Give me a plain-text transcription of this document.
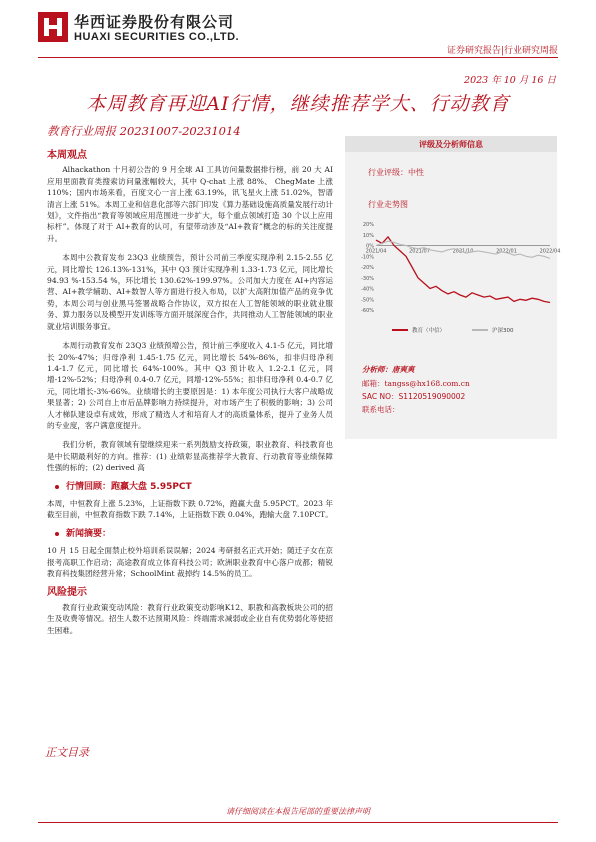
华西证券股份有限公司
HUAXI SECURITIES CO.,LTD.
证券研究报告|行业研究周报
2023 年 10 月 16 日
本周教育再迎AI行情，继续推荐学大、行动教育
教育行业周报 20231007-20231014
本周观点

Alhackathon 十月初公告的 9 月全球 AI 工具访问量数据排行榜，前 20 大 AI 应用里面教育类搜索访问量涨幅较大，其中 Q-chat 上涨 88%、 ChegMate 上涨 110%；国内市场来看，百度文心一言上涨 63.19%，讯飞星火上涨 51.02%，智谱清言上涨 51%。本周工业和信息化部等六部门印发《算力基础设施高质量发展行动计划》，文件指出“教育等领域应用范围进一步扩大，每个重点领域打造 30 个以上应用标杆”。体现了对于 AI+教育的认可，有望带动涉及“AI+教育”概念的标的关注度提升。

本周中公教育发布 23Q3 业绩预告，预计公司前三季度实现净利 2.15-2.55 亿元，同比增长 126.13%-131%，其中 Q3 预计实现净利 1.33-1.73 亿元，同比增长 94.93 %-153.54 %，环比增长 130.62%-199.97%。公司加大力度在 AI+内容运营、AI+教学辅助、AI+数智人等方面进行投入布局，以扩大高附加值产品的竞争优势，本周公司与创业黑马签署战略合作协议，双方拟在人工智能领域的职业就业服务、算力服务以及模型开发训练等方面开展深度合作，共同推动人工智能领域的职业就业培训服务事宜。

本周行动教育发布 23Q3 业绩预增公告，预计前三季度收入 4.1-5 亿元，同比增长 20%-47%；归母净利 1.45-1.75 亿元，同比增长 54%-86%，扣非归母净利 1.4-1.7 亿元，同比增长 64%-100%。其中 Q3 预计收入 1.2-2.1 亿元，同增-12%-52%；归母净利 0.4-0.7 亿元，同增-12%-55%；扣非归母净利 0.4-0.7 亿元，同比增长-3%-66%。业绩增长的主要原因是：1) 本年度公司执行大客户战略成果显著；2) 公司自上市后品牌影响力持续提升，对市场产生了积极的影响；3) 公司人才梯队建设卓有成效，形成了精选人才和培育人才的高质量体系，提升了业务人员的专业度，客户满意度提升。

我们分析，教育领域有望继续迎来一系列鼓励支持政策，职业教育、科技教育也是中长期最利好的方向。推荐：(1) 业绩彰显高推荐学大教育、行动教育等业绩保障性强的标的；(2) derived 高

行情回顾：跑赢大盘 5.95PCT

本周，中恒教育上涨 5.23%，上证指数下跌 0.72%，跑赢大盘 5.95PCT。2023 年截至目前，中恒教育指数下跌 7.14%，上证指数下跌 0.04%，跑输大盘 7.10PCT。

新闻摘要：

10 月 15 日起全面禁止校外培训系误误解；2024 考研报名正式开始；随迁子女在京报考高职工作启动；高途教育成立体育科技公司；欧洲职业教育中心落户成都；精锐教育科技集团经营升常；SchoolMint 裁掉约 14.5%的员工。

风险提示

教育行业政策变动风险：教育行业政策变动影响K12、职教和高教板块公司的招生及收费等情况。招生人数不达预期风险：终端需求减弱或企业自有优势弱化等使招生困难。

评级及分析师信息
行业评级：中性
行业走势图
20%
10%
0%
-10%
-20%
-30%
-40%
-50%
-60%
2021/04	2021/07	2021/10	2022/01	2022/04
教育（中信）	沪深300
分析师：唐爽爽
邮箱：tangss@hx168.com.cn
SAC NO：S1120519090002
联系电话：
正文目录
请仔细阅读在本报告尾部的重要法律声明
